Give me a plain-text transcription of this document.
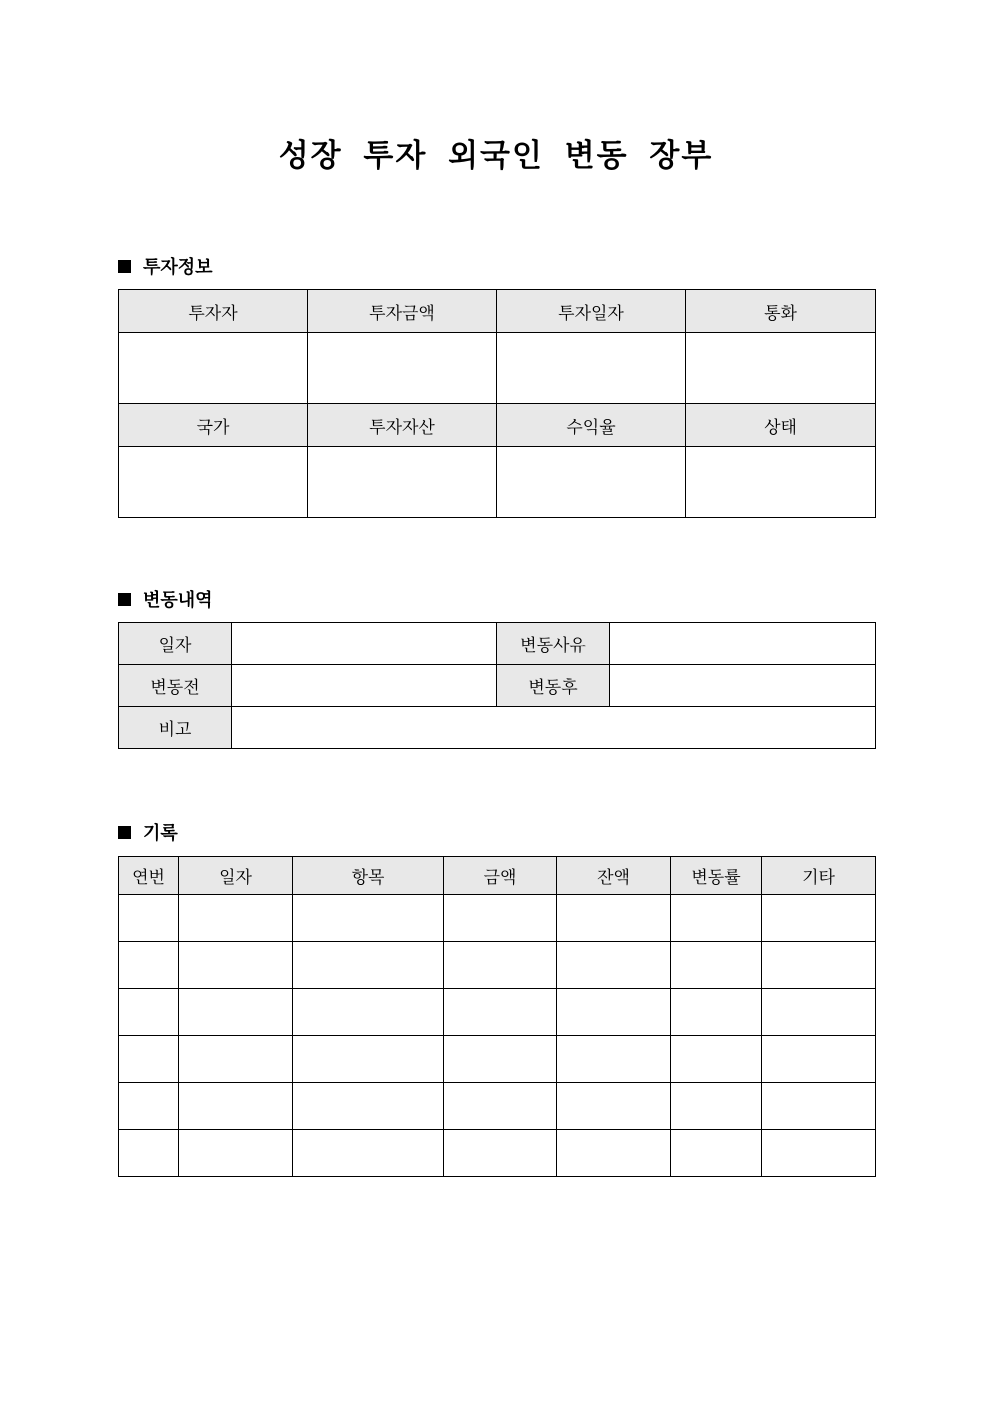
성장 투자 외국인 변동 장부
투자정보
투자자	투자금액	투자일자	통화

국가	투자자산	수익율	상태

변동내역
일자		변동사유	
변동전		변동후	
비고			
기록
연번	일자	항목	금액	잔액	변동률	기타
